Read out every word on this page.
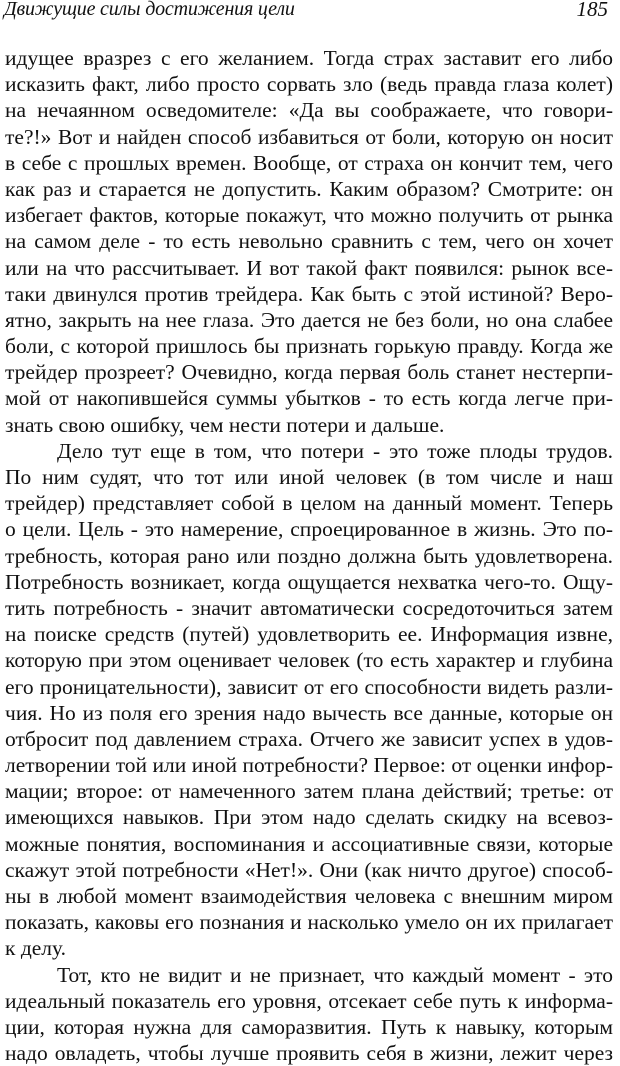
Движущие силы достижения цели	185
идущее вразрез с его желанием. Тогда страх заставит его либо
исказить факт, либо просто сорвать зло (ведь правда глаза колет)
на нечаянном осведомителе: «Да вы соображаете, что говори-
те?!» Вот и найден способ избавиться от боли, которую он носит
в себе с прошлых времен. Вообще, от страха он кончит тем, чего
как раз и старается не допустить. Каким образом? Смотрите: он
избегает фактов, которые покажут, что можно получить от рынка
на самом деле - то есть невольно сравнить с тем, чего он хочет
или на что рассчитывает. И вот такой факт появился: рынок все-
таки двинулся против трейдера. Как быть с этой истиной? Веро-
ятно, закрыть на нее глаза. Это дается не без боли, но она слабее
боли, с которой пришлось бы признать горькую правду. Когда же
трейдер прозреет? Очевидно, когда первая боль станет нестерпи-
мой от накопившейся суммы убытков - то есть когда легче при-
знать свою ошибку, чем нести потери и дальше.
Дело тут еще в том, что потери - это тоже плоды трудов.
По ним судят, что тот или иной человек (в том числе и наш
трейдер) представляет собой в целом на данный момент. Теперь
о цели. Цель - это намерение, спроецированное в жизнь. Это по-
требность, которая рано или поздно должна быть удовлетворена.
Потребность возникает, когда ощущается нехватка чего-то. Ощу-
тить потребность - значит автоматически сосредоточиться затем
на поиске средств (путей) удовлетворить ее. Информация извне,
которую при этом оценивает человек (то есть характер и глубина
его проницательности), зависит от его способности видеть разли-
чия. Но из поля его зрения надо вычесть все данные, которые он
отбросит под давлением страха. Отчего же зависит успех в удов-
летворении той или иной потребности? Первое: от оценки инфор-
мации; второе: от намеченного затем плана действий; третье: от
имеющихся навыков. При этом надо сделать скидку на всевоз-
можные понятия, воспоминания и ассоциативные связи, которые
скажут этой потребности «Нет!». Они (как ничто другое) способ-
ны в любой момент взаимодействия человека с внешним миром
показать, каковы его познания и насколько умело он их прилагает
к делу.
Тот, кто не видит и не признает, что каждый момент - это
идеальный показатель его уровня, отсекает себе путь к информа-
ции, которая нужна для саморазвития. Путь к навыку, которым
надо овладеть, чтобы лучше проявить себя в жизни, лежит через
